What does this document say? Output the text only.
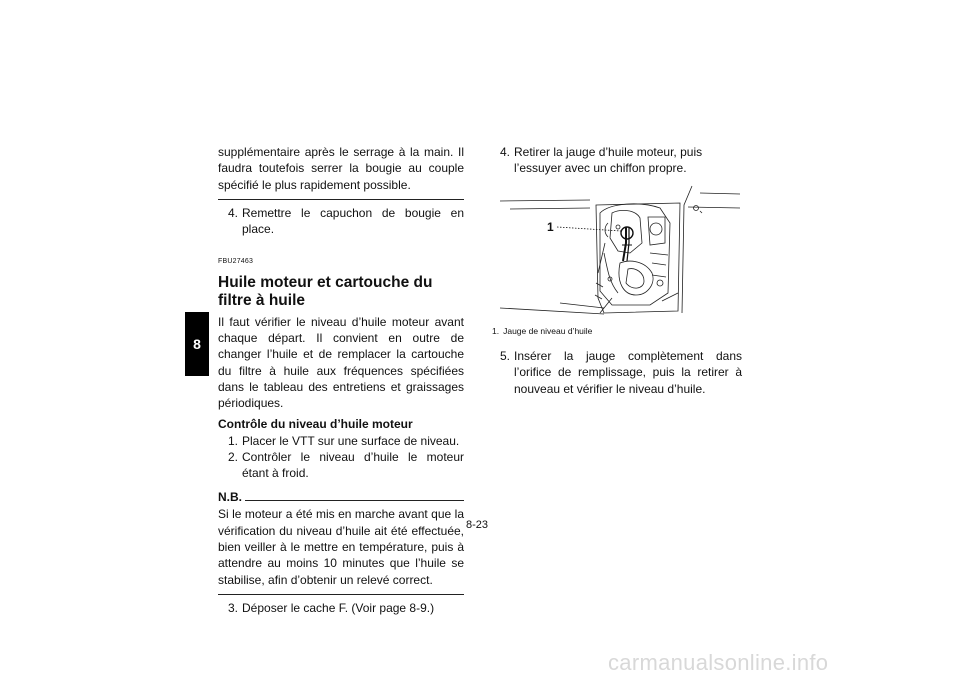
8

supplémentaire après le serrage à la main. Il faudra toutefois serrer la bougie au couple spécifié le plus rapidement possible.

4. Remettre le capuchon de bougie en place.
FBU27463
Huile moteur et cartouche du filtre à huile

Il faut vérifier le niveau d’huile moteur avant chaque départ. Il convient en outre de changer l’huile et de remplacer la cartouche du filtre à huile aux fréquences spécifiées dans le tableau des entretiens et graissages périodiques.

Contrôle du niveau d’huile moteur
1. Placer le VTT sur une surface de niveau.
2. Contrôler le niveau d’huile le moteur étant à froid.
N.B.

Si le moteur a été mis en marche avant que la vérification du niveau d’huile ait été effectuée, bien veiller à le mettre en température, puis à attendre au moins 10 minutes que l’huile se stabilise, afin d’obtenir un relevé correct.

3. Déposer le cache F. (Voir page 8-9.)
4. Retirer la jauge d’huile moteur, puis l’essuyer avec un chiffon propre.
1
1. Jauge de niveau d’huile
5. Insérer la jauge complètement dans l’orifice de remplissage, puis la retirer à nouveau et vérifier le niveau d’huile.
8-23
carmanualsonline.info
